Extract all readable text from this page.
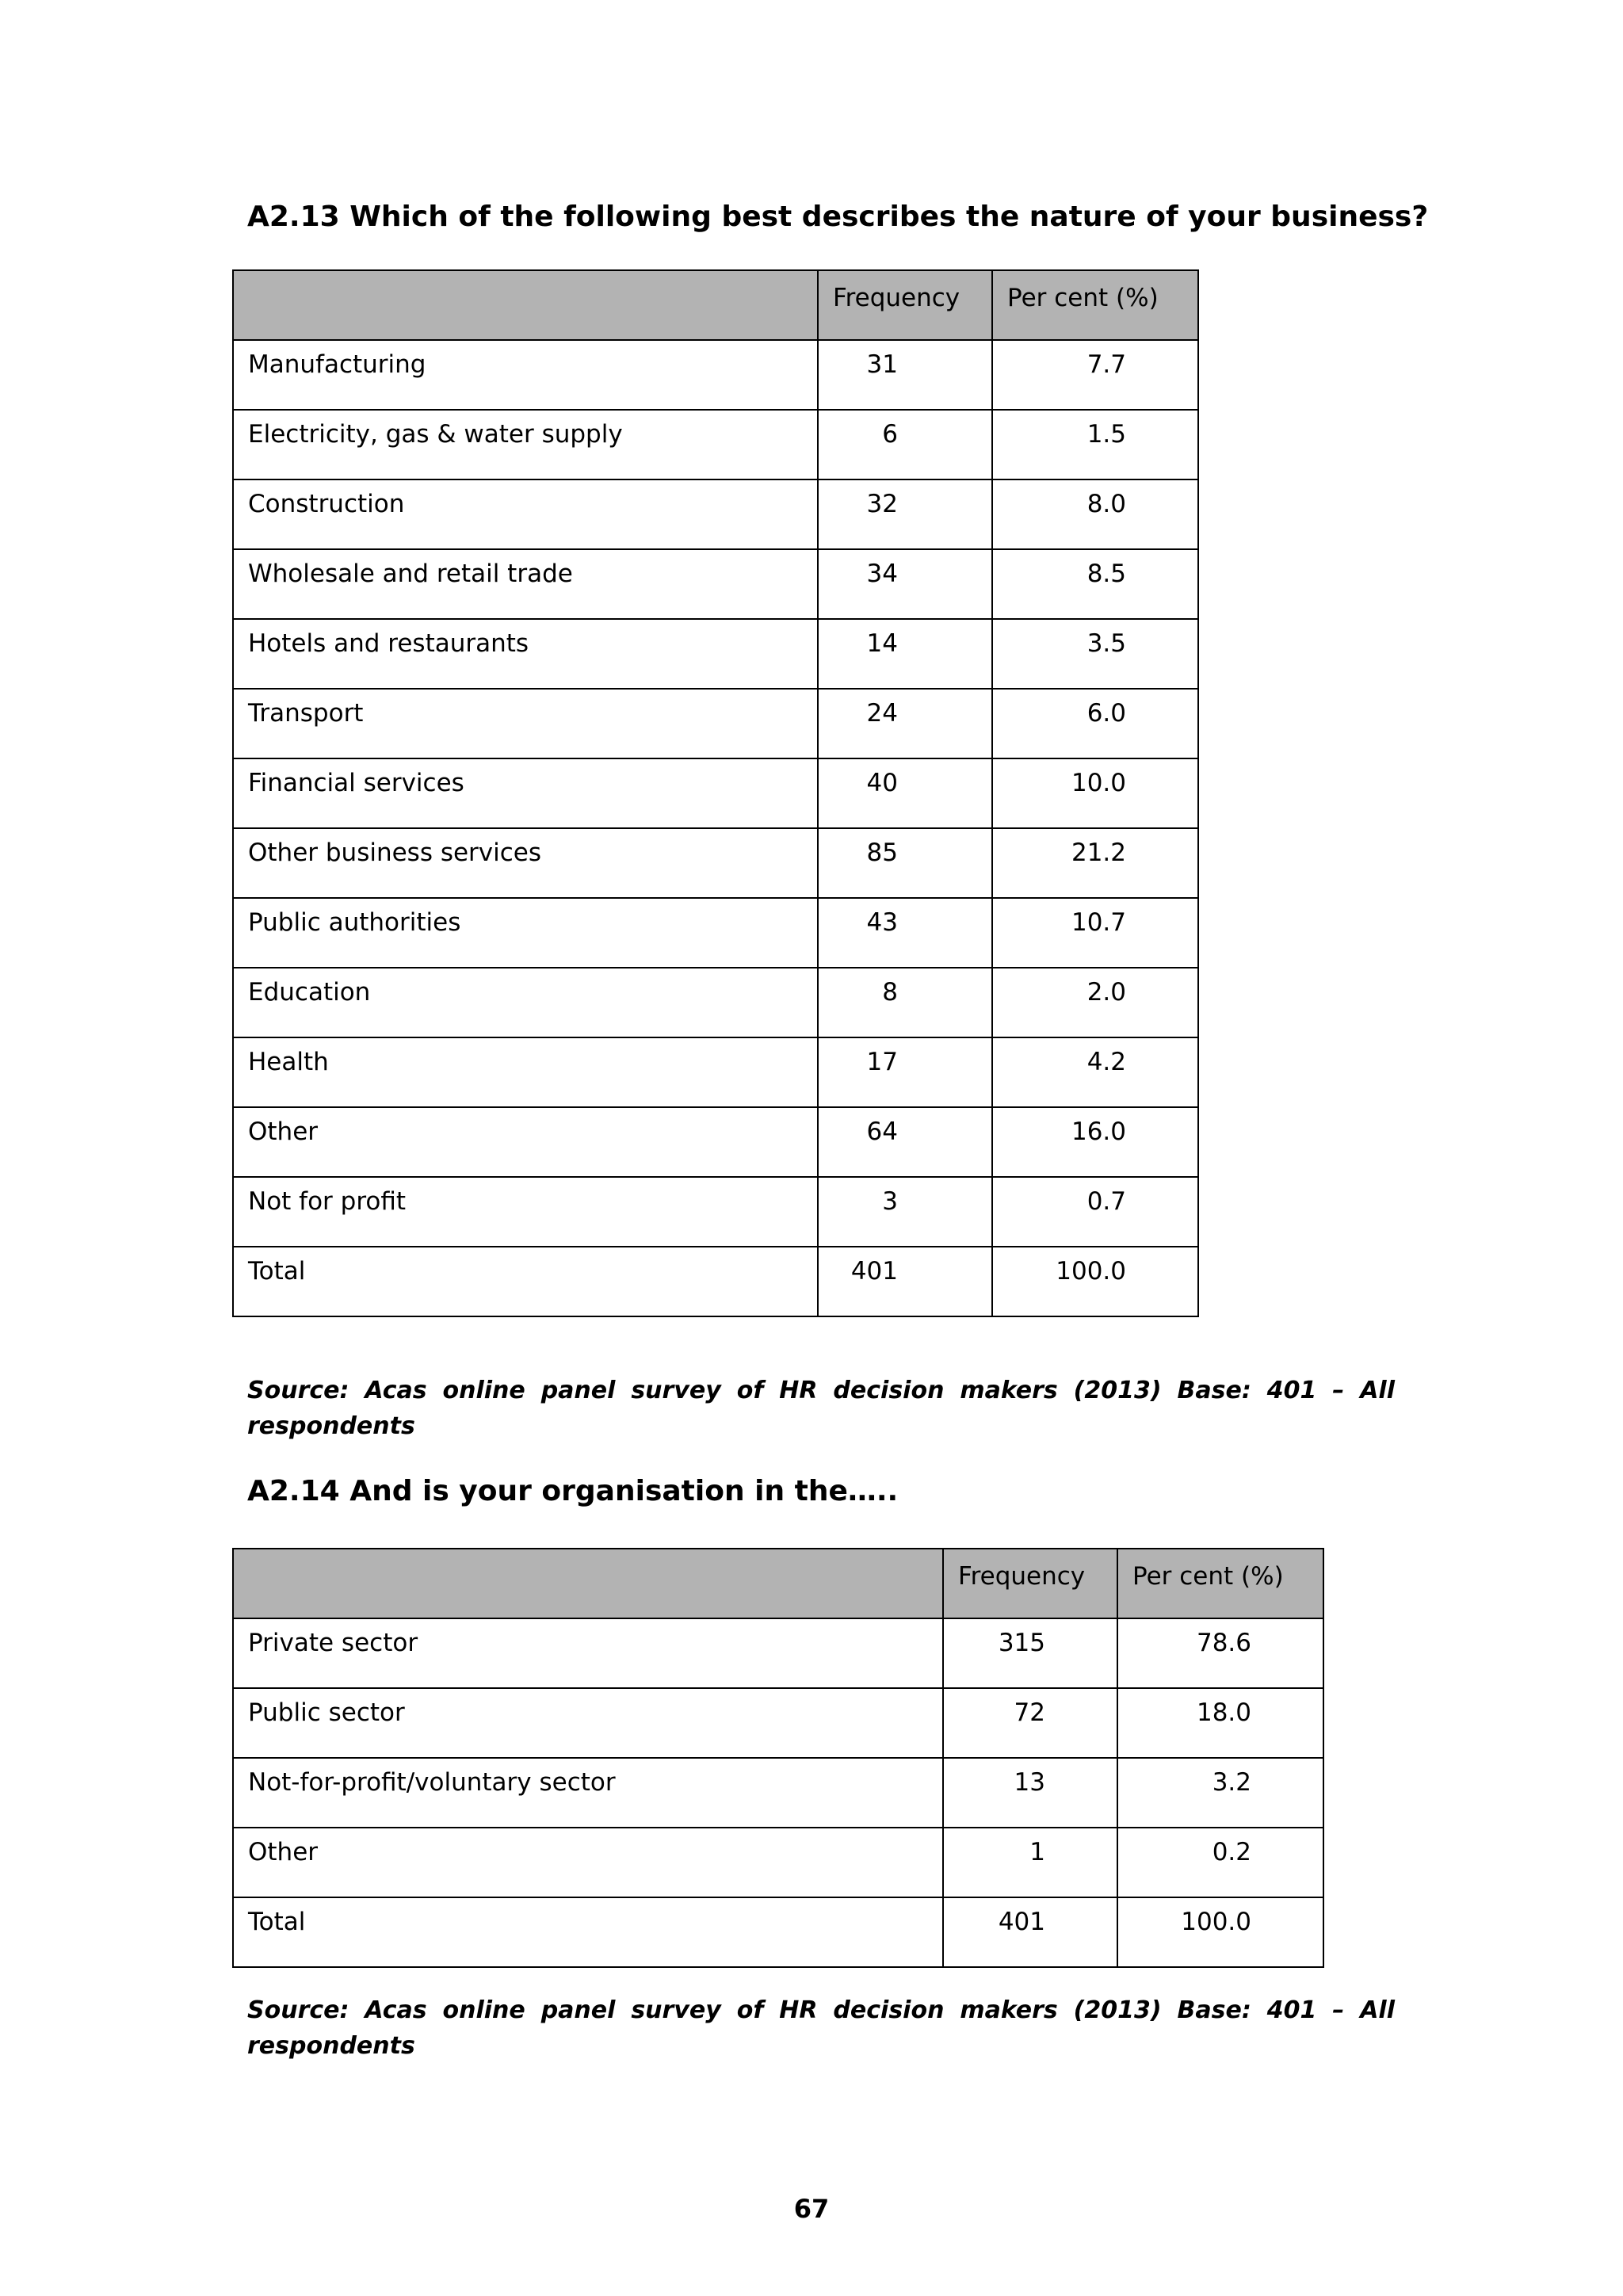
A2.13 Which of the following best describes the nature of your business?
	Frequency	Per cent (%)
Manufacturing	31	7.7
Electricity, gas & water supply	6	1.5
Construction	32	8.0
Wholesale and retail trade	34	8.5
Hotels and restaurants	14	3.5
Transport	24	6.0
Financial services	40	10.0
Other business services	85	21.2
Public authorities	43	10.7
Education	8	2.0
Health	17	4.2
Other	64	16.0
Not for profit	3	0.7
Total	401	100.0

Source: Acas online panel survey of HR decision makers (2013) Base: 401 – All respondents

A2.14 And is your organisation in the…..
	Frequency	Per cent (%)
Private sector	315	78.6
Public sector	72	18.0
Not-for-profit/voluntary sector	13	3.2
Other	1	0.2
Total	401	100.0

Source: Acas online panel survey of HR decision makers (2013) Base: 401 – All respondents

67
